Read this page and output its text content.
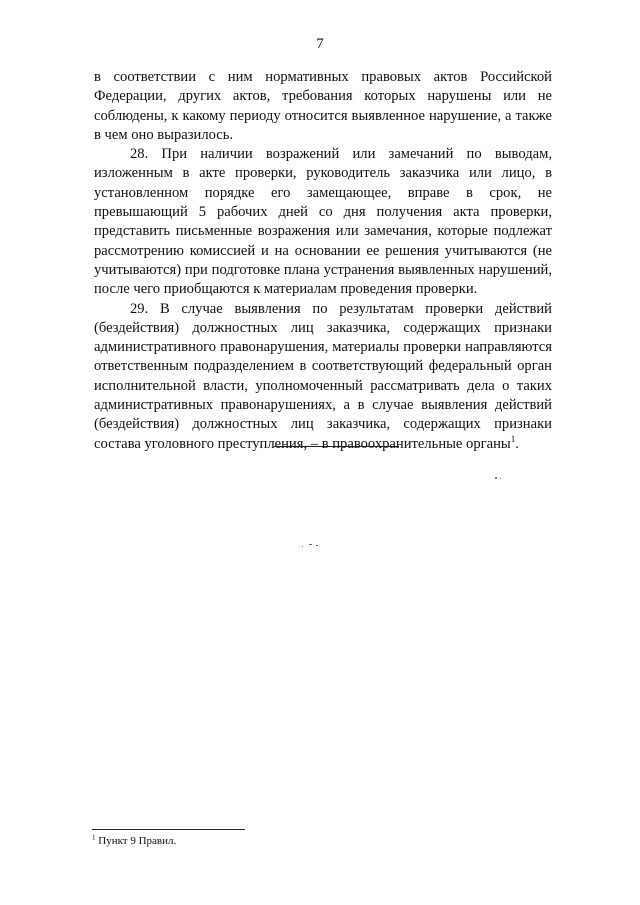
7

в соответствии с ним нормативных правовых актов Российской Федерации, других актов, требования которых нарушены или не соблюдены, к какому периоду относится выявленное нарушение, а также в чем оно выразилось.

28. При наличии возражений или замечаний по выводам, изложенным в акте проверки, руководитель заказчика или лицо, в установленном порядке его замещающее, вправе в срок, не превышающий 5 рабочих дней со дня получения акта проверки, представить письменные возражения или замечания, которые подлежат рассмотрению комиссией и на основании ее решения учитываются (не учитываются) при подготовке плана устранения выявленных нарушений, после чего приобщаются к материалам проведения проверки.

29. В случае выявления по результатам проверки действий (бездействия) должностных лиц заказчика, содержащих признаки административного правонарушения, материалы проверки направляются ответственным подразделением в соответствующий федеральный орган исполнительной власти, уполномоченный рассматривать дела о таких административных правонарушениях, а в случае выявления действий (бездействия) должностных лиц заказчика, содержащих признаки состава уголовного преступления, – в правоохранительные органы$^1$.

$^1$ Пункт 9 Правил.
